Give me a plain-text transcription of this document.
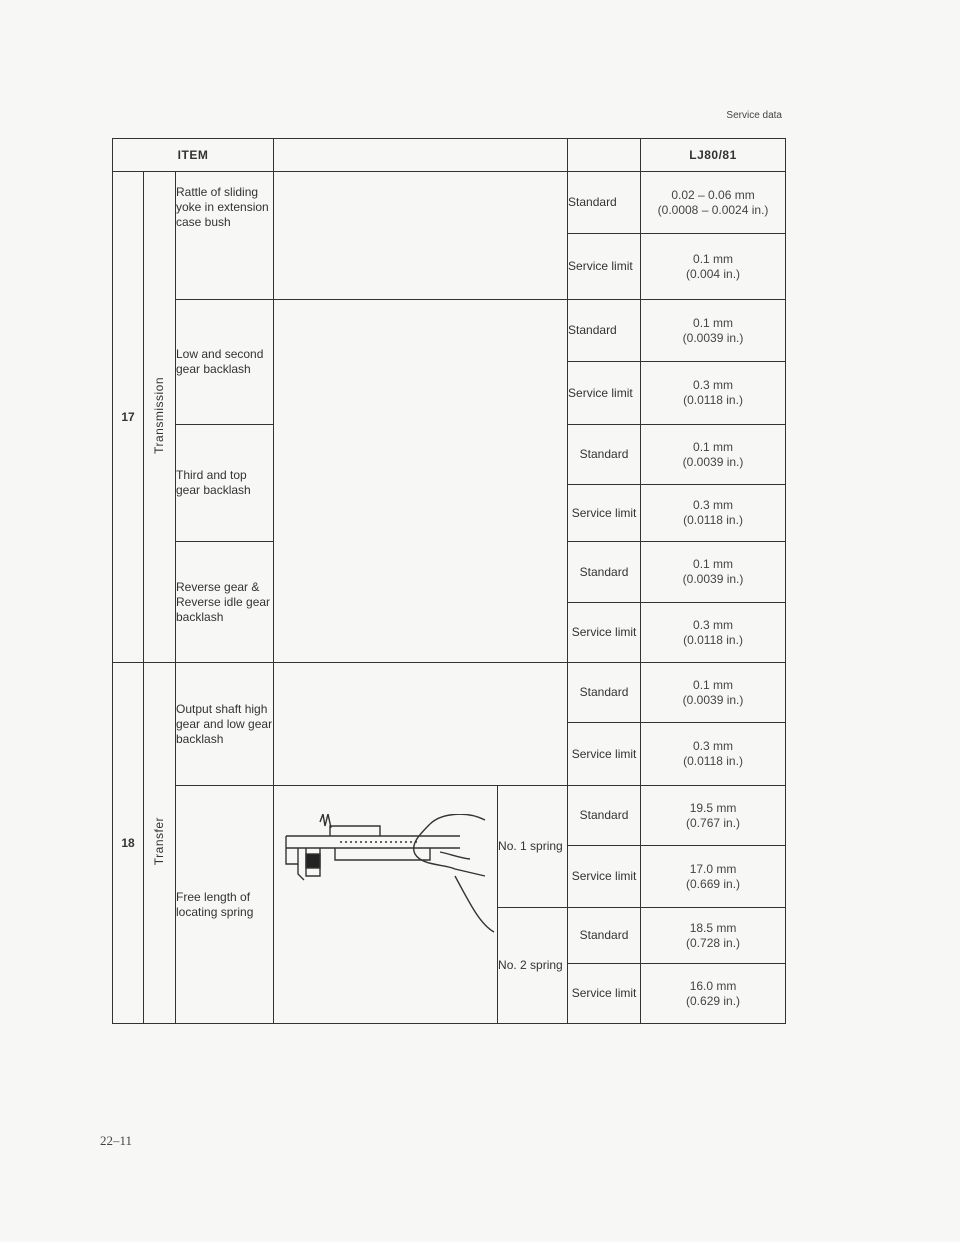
Service data
ITEM						LJ80/81
17	Transmission	Rattle of sliding yoke in extension case bush			Standard	0.02 – 0.06 mm
(0.0008 – 0.0024 in.)

					Service limit	0.1 mm
(0.004 in.)

		Low and second gear backlash			Standard	0.1 mm
(0.0039 in.)

					Service limit	0.3 mm
(0.0118 in.)

		Third and top gear backlash			Standard	0.1 mm
(0.0039 in.)

					Service limit	0.3 mm
(0.0118 in.)

		Reverse gear & Reverse idle gear backlash			Standard	0.1 mm
(0.0039 in.)

					Service limit	0.3 mm
(0.0118 in.)

18	Transfer	Output shaft high gear and low gear backlash			Standard	0.1 mm
(0.0039 in.)

					Service limit	0.3 mm
(0.0118 in.)

		Free length of locating spring		No. 1 spring	Standard	19.5 mm
(0.767 in.)

					Service limit	17.0 mm
(0.669 in.)

				No. 2 spring	Standard	18.5 mm
(0.728 in.)

					Service limit	16.0 mm
(0.629 in.)
22–11
